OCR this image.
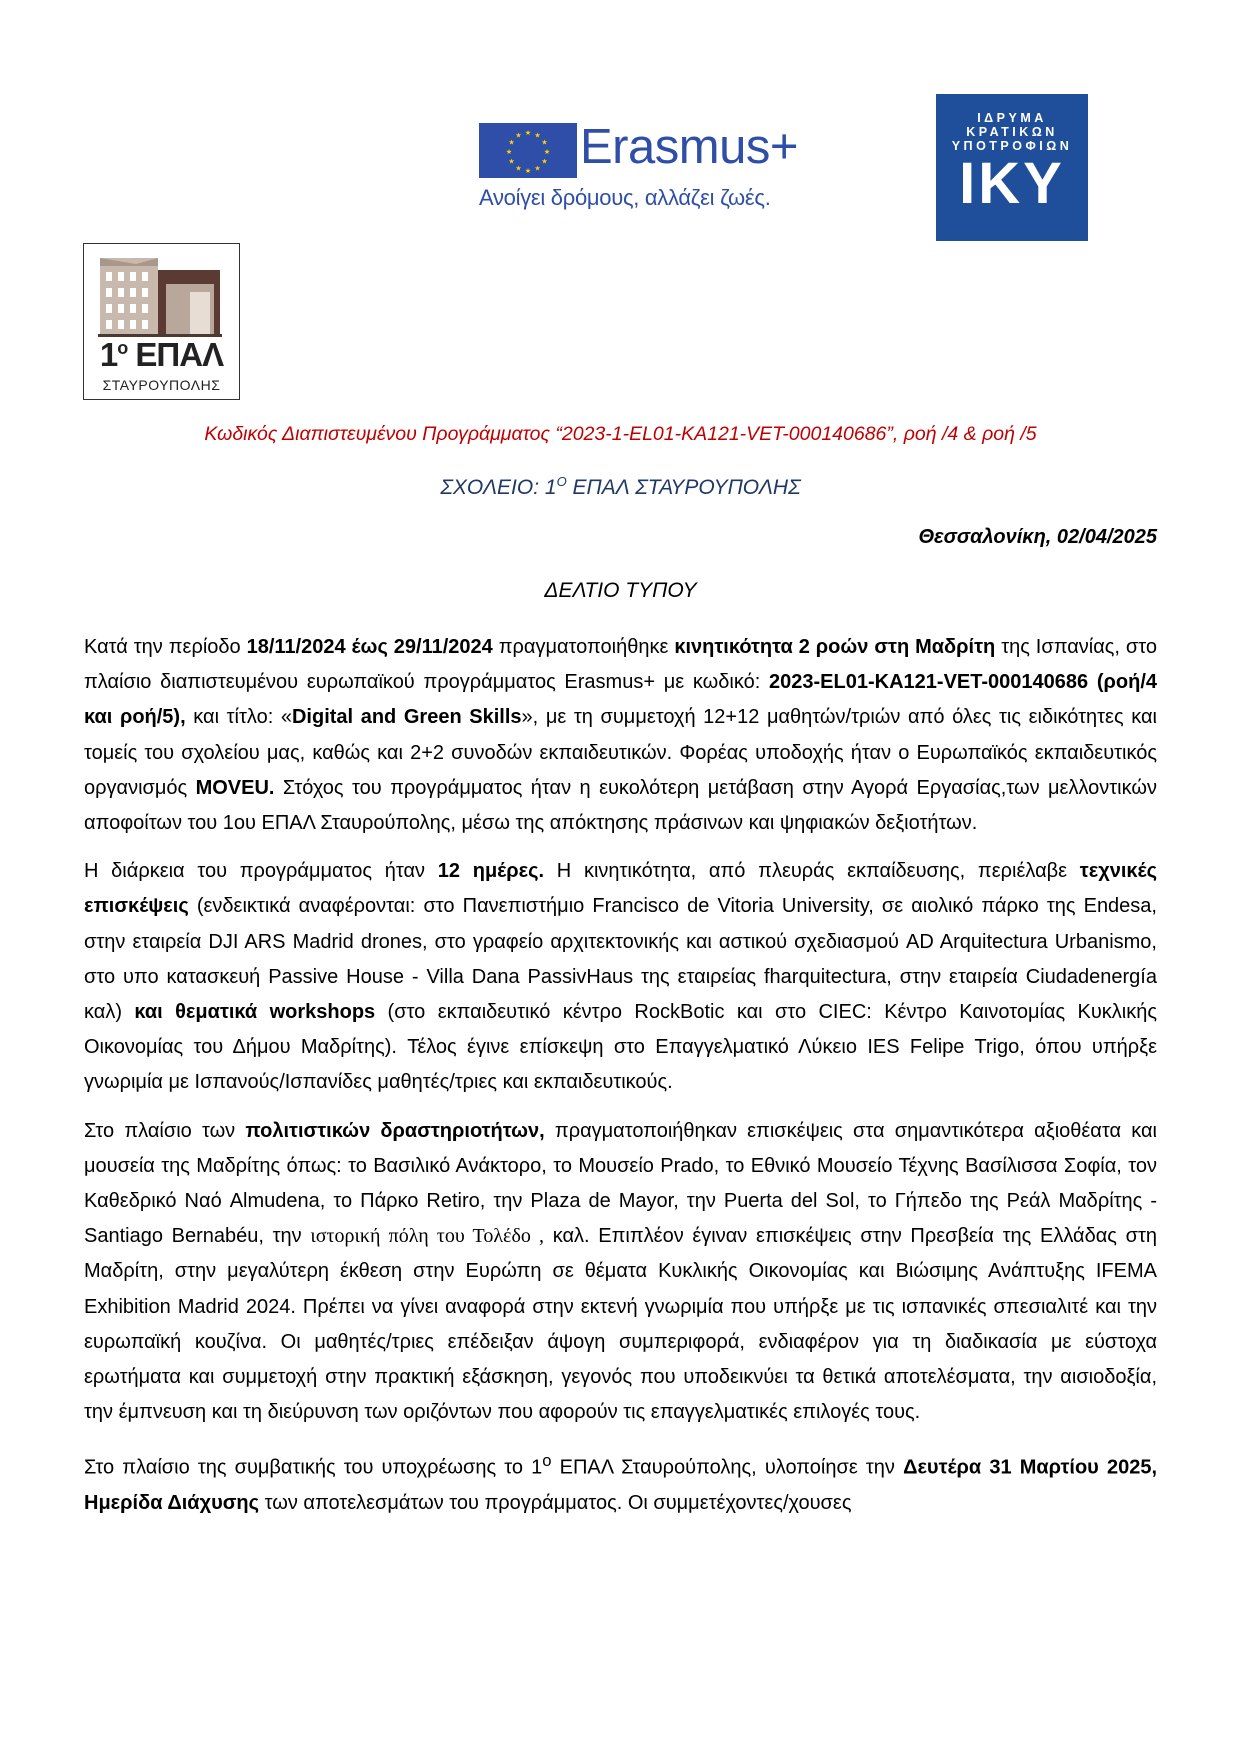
★ ★
★
★
★
★
★
★
★
★
★
★ Erasmus+
Ανοίγει δρόμους, αλλάζει ζωές.
ΙΔΡΥΜΑ
ΚΡΑΤΙΚΩΝ
ΥΠΟΤΡΟΦΙΩΝ
ΙΚΥ
$1^o$ ΕΠΑΛ
ΣΤΑΥΡΟΥΠΟΛΗΣ
Κωδικός Διαπιστευμένου Προγράμματος “2023-1-EL01-KA121-VET-000140686”, ροή /4 & ροή /5
ΣΧΟΛΕΙΟ: $1^O$ ΕΠΑΛ ΣΤΑΥΡΟΥΠΟΛΗΣ
Θεσσαλονίκη, 02/04/2025
ΔΕΛΤΙΟ ΤΥΠΟΥ

Κατά την περίοδο 18/11/2024 έως 29/11/2024 πραγματοποιήθηκε κινητικότητα 2 ροών στη Μαδρίτη της Ισπανίας, στο πλαίσιο διαπιστευμένου ευρωπαϊκού προγράμματος Erasmus+ με κωδικό: 2023-EL01-KA121-VET-000140686 (ροή/4 και ροή/5), και τίτλο: «Digital and Green Skills», με τη συμμετοχή 12+12 μαθητών/τριών από όλες τις ειδικότητες και τομείς του σχολείου μας, καθώς και 2+2 συνοδών εκπαιδευτικών. Φορέας υποδοχής ήταν ο Ευρωπαϊκός εκπαιδευτικός οργανισμός MOVEU. Στόχος του προγράμματος ήταν η ευκολότερη μετάβαση στην Αγορά Εργασίας,των μελλοντικών αποφοίτων του 1ου ΕΠΑΛ Σταυρούπολης, μέσω της απόκτησης πράσινων και ψηφιακών δεξιοτήτων.

Η διάρκεια του προγράμματος ήταν 12 ημέρες. Η κινητικότητα, από πλευράς εκπαίδευσης, περιέλαβε τεχνικές επισκέψεις (ενδεικτικά αναφέρονται: στο Πανεπιστήμιο Francisco de Vitoria University, σε αιολικό πάρκο της Endesa, στην εταιρεία DJI ARS Madrid drones, στο γραφείο αρχιτεκτονικής και αστικού σχεδιασμού AD Arquitectura Urbanismo, στο υπο κατασκευή Passive House - Villa Dana PassivHaus της εταιρείας fharquitectura, στην εταιρεία Ciudadenergía καλ) και θεματικά workshops (στο εκπαιδευτικό κέντρο RockBotic και στο CIEC: Κέντρο Καινοτομίας Κυκλικής Οικονομίας του Δήμου Μαδρίτης). Τέλος έγινε επίσκεψη στο Επαγγελματικό Λύκειο IES Felipe Trigo, όπου υπήρξε γνωριμία με Ισπανούς/Ισπανίδες μαθητές/τριες και εκπαιδευτικούς.

Στο πλαίσιο των πολιτιστικών δραστηριοτήτων, πραγματοποιήθηκαν επισκέψεις στα σημαντικότερα αξιοθέατα και μουσεία της Μαδρίτης όπως: το Βασιλικό Ανάκτορο, το Μουσείο Prado, το Εθνικό Μουσείο Τέχνης Βασίλισσα Σοφία, τον Καθεδρικό Ναό Almudena, το Πάρκο Retiro, την Plaza de Mayor, την Puerta del Sol, το Γήπεδο της Ρεάλ Μαδρίτης - Santiago Bernabéu, την ιστορική πόλη του Τολέδο , καλ. Επιπλέον έγιναν επισκέψεις στην Πρεσβεία της Ελλάδας στη Μαδρίτη, στην μεγαλύτερη έκθεση στην Ευρώπη σε θέματα Κυκλικής Οικονομίας και Βιώσιμης Ανάπτυξης IFEMA Exhibition Madrid 2024. Πρέπει να γίνει αναφορά στην εκτενή γνωριμία που υπήρξε με τις ισπανικές σπεσιαλιτέ και την ευρωπαϊκή κουζίνα. Οι μαθητές/τριες επέδειξαν άψογη συμπεριφορά, ενδιαφέρον για τη διαδικασία με εύστοχα ερωτήματα και συμμετοχή στην πρακτική εξάσκηση, γεγονός που υποδεικνύει τα θετικά αποτελέσματα, την αισιοδοξία, την έμπνευση και τη διεύρυνση των οριζόντων που αφορούν τις επαγγελματικές επιλογές τους.

Στο πλαίσιο της συμβατικής του υποχρέωσης το $1^o$ ΕΠΑΛ Σταυρούπολης, υλοποίησε την Δευτέρα 31 Μαρτίου 2025, Ημερίδα Διάχυσης των αποτελεσμάτων του προγράμματος. Οι συμμετέχοντες/χουσες
